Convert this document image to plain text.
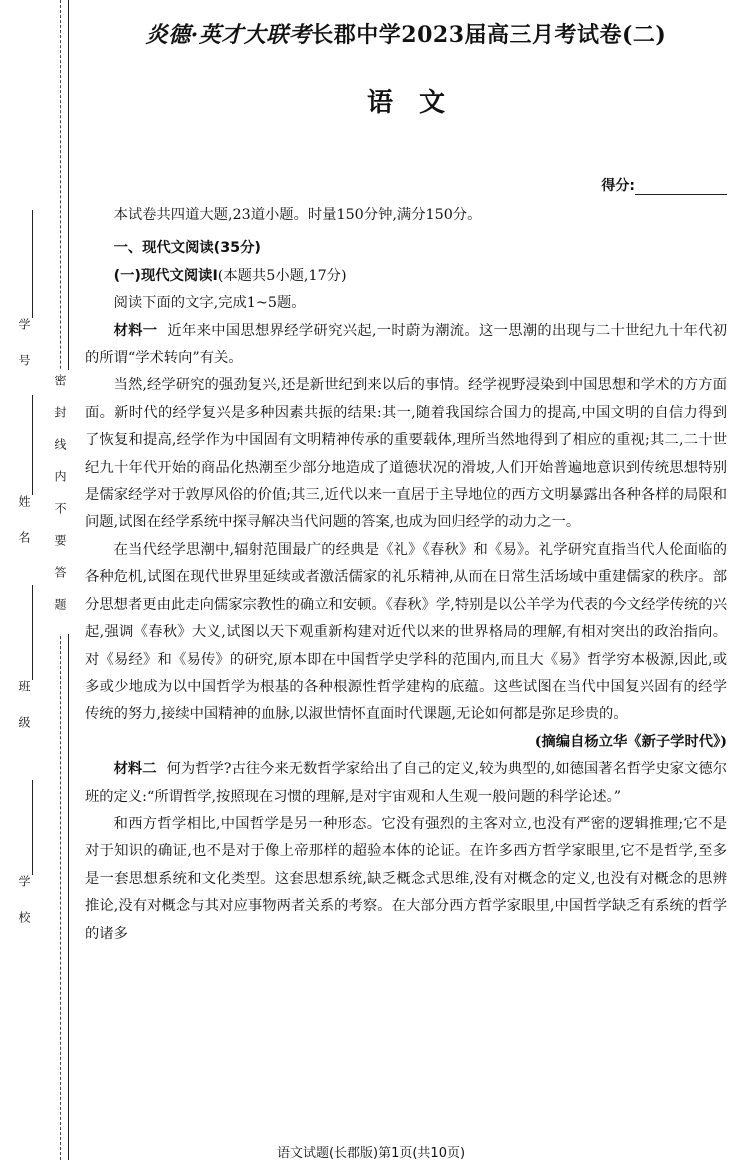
学 号
姓 名
班 级
学 校
密封线内不要答题
炎德·英才大联考长郡中学2023届高三月考试卷(二)
语文
得分:

本试卷共四道大题,23道小题。时量150分钟,满分150分。

一、现代文阅读(35分)

(一)现代文阅读Ⅰ(本题共5小题,17分)

阅读下面的文字,完成1~5题。

材料一 近年来中国思想界经学研究兴起,一时蔚为潮流。这一思潮的出现与二十世纪九十年代初的所谓“学术转向”有关。

当然,经学研究的强劲复兴,还是新世纪到来以后的事情。经学视野浸染到中国思想和学术的方方面面。新时代的经学复兴是多种因素共振的结果:其一,随着我国综合国力的提高,中国文明的自信力得到了恢复和提高,经学作为中国固有文明精神传承的重要载体,理所当然地得到了相应的重视;其二,二十世纪九十年代开始的商品化热潮至少部分地造成了道德状况的滑坡,人们开始普遍地意识到传统思想特别是儒家经学对于敦厚风俗的价值;其三,近代以来一直居于主导地位的西方文明暴露出各种各样的局限和问题,试图在经学系统中探寻解决当代问题的答案,也成为回归经学的动力之一。

在当代经学思潮中,辐射范围最广的经典是《礼》《春秋》和《易》。礼学研究直指当代人伦面临的各种危机,试图在现代世界里延续或者激活儒家的礼乐精神,从而在日常生活场域中重建儒家的秩序。部分思想者更由此走向儒家宗教性的确立和安顿。《春秋》学,特别是以公羊学为代表的今文经学传统的兴起,强调《春秋》大义,试图以天下观重新构建对近代以来的世界格局的理解,有相对突出的政治指向。对《易经》和《易传》的研究,原本即在中国哲学史学科的范围内,而且大《易》哲学穷本极源,因此,或多或少地成为以中国哲学为根基的各种根源性哲学建构的底蕴。这些试图在当代中国复兴固有的经学传统的努力,接续中国精神的血脉,以淑世情怀直面时代课题,无论如何都是弥足珍贵的。

(摘编自杨立华《新子学时代》)

材料二 何为哲学?古往今来无数哲学家给出了自己的定义,较为典型的,如德国著名哲学史家文德尔班的定义:“所谓哲学,按照现在习惯的理解,是对宇宙观和人生观一般问题的科学论述。”

和西方哲学相比,中国哲学是另一种形态。它没有强烈的主客对立,也没有严密的逻辑推理;它不是对于知识的确证,也不是对于像上帝那样的超验本体的论证。在许多西方哲学家眼里,它不是哲学,至多是一套思想系统和文化类型。这套思想系统,缺乏概念式思维,没有对概念的定义,也没有对概念的思辨推论,没有对概念与其对应事物两者关系的考察。在大部分西方哲学家眼里,中国哲学缺乏有系统的哲学的诸多

语文试题(长郡版)第1页(共10页)
